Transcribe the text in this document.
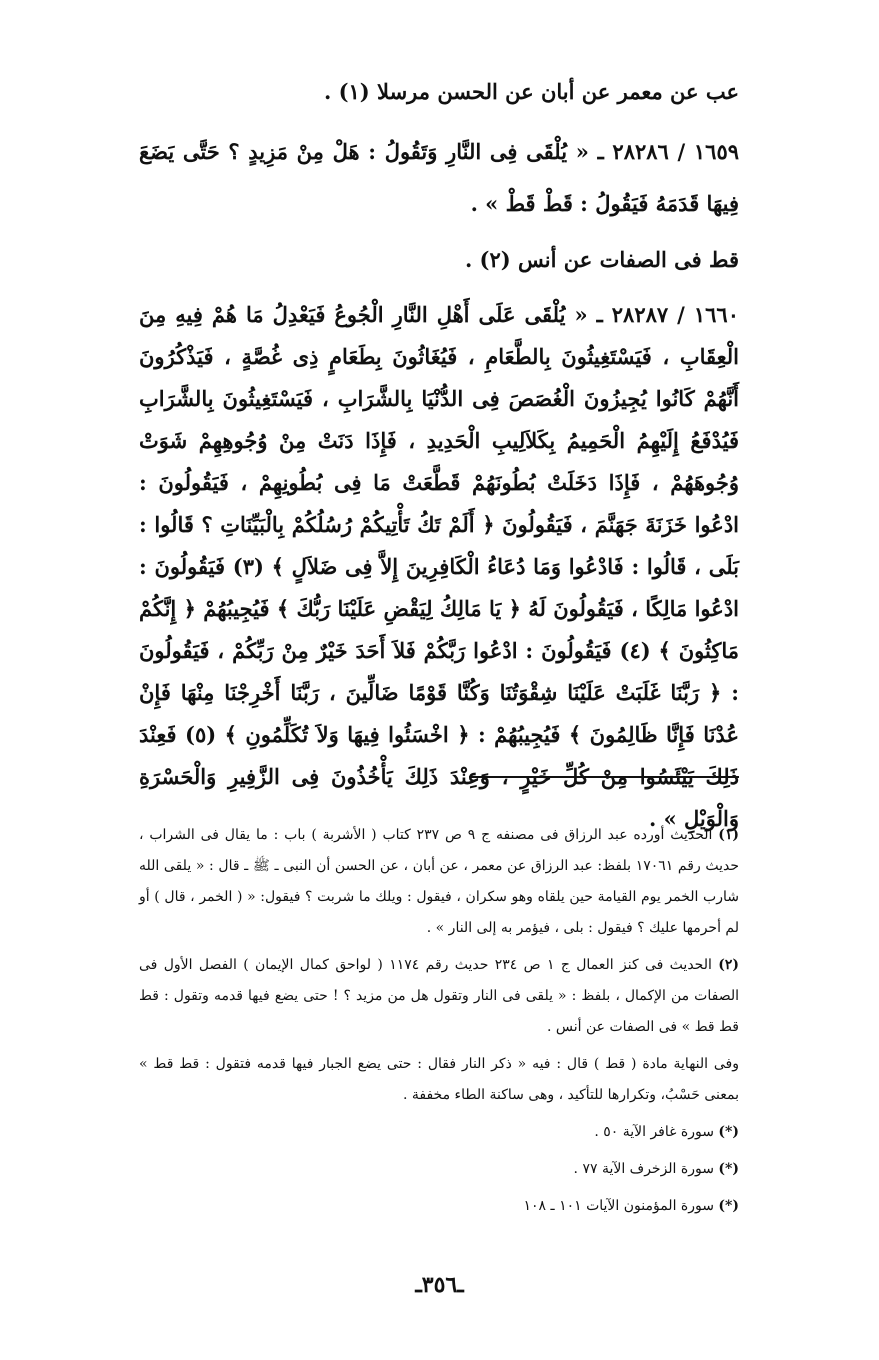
عب عن معمر عن أبان عن الحسن مرسلا (١) .

١٦٥٩ / ٢٨٢٨٦ ـ « يُلْقَى فِى النَّارِ وَتَقُولُ : هَلْ مِنْ مَزِيدٍ ؟ حَتَّى يَضَعَ فِيهَا قَدَمَهُ فَيَقُولُ : قَطْ قَطْ » .

قط فى الصفات عن أنس (٢) .

١٦٦٠ / ٢٨٢٨٧ ـ « يُلْقَى عَلَى أَهْلِ النَّارِ الْجُوعُ فَيَعْدِلُ مَا هُمْ فِيهِ مِنَ الْعِقَابِ ، فَيَسْتَغِيثُونَ بِالطَّعَامِ ، فَيُغَاثُونَ بِطَعَامٍ ذِى غُصَّةٍ ، فَيَذْكُرُونَ أَنَّهُمْ كَانُوا يُجِيزُونَ الْغُصَصَ فِى الدُّنْيَا بِالشَّرَابِ ، فَيَسْتَغِيثُونَ بِالشَّرَابِ فَيُدْفَعُ إِلَيْهِمُ الْحَمِيمُ بِكَلاَلِيبِ الْحَدِيدِ ، فَإِذَا دَنَتْ مِنْ وُجُوهِهِمْ شَوَتْ وُجُوهَهُمْ ، فَإِذَا دَخَلَتْ بُطُونَهُمْ قَطَّعَتْ مَا فِى بُطُونِهِمْ ، فَيَقُولُونَ : ادْعُوا خَزَنَةَ جَهَنَّمَ ، فَيَقُولُونَ ﴿ أَلَمْ تَكُ تَأْتِيكُمْ رُسُلُكُمْ بِالْبَيِّنَاتِ ؟ قَالُوا : بَلَى ، قَالُوا : فَادْعُوا وَمَا دُعَاءُ الْكَافِرِينَ إِلاَّ فِى ضَلاَلٍ ﴾ (٣) فَيَقُولُونَ : ادْعُوا مَالِكًا ، فَيَقُولُونَ لَهُ ﴿ يَا مَالِكُ لِيَقْضِ عَلَيْنَا رَبُّكَ ﴾ فَيُجِيبُهُمْ ﴿ إِنَّكُمْ مَاكِثُونَ ﴾ (٤) فَيَقُولُونَ : ادْعُوا رَبَّكُمْ فَلاَ أَحَدَ خَيْرٌ مِنْ رَبِّكُمْ ، فَيَقُولُونَ : ﴿ رَبَّنَا غَلَبَتْ عَلَيْنَا شِقْوَتُنَا وَكُنَّا قَوْمًا ضَالِّينَ ، رَبَّنَا أَخْرِجْنَا مِنْهَا فَإِنْ عُدْنَا فَإِنَّا ظَالِمُونَ ﴾ فَيُجِيبُهُمْ : ﴿ اخْسَئُوا فِيهَا وَلاَ تُكَلِّمُونِ ﴾ (٥) فَعِنْدَ ذَلِكَ يَيْئَسُوا مِنْ كُلِّ خَيْرٍ ، وَعِنْدَ ذَلِكَ يَأْخُذُونَ فِى الزَّفِيرِ وَالْحَسْرَةِ وَالْوَيْلِ » .

(١) الحديث أورده عبد الرزاق فى مصنفه ج ٩ ص ٢٣٧ كتاب ( الأشربة ) باب : ما يقال فى الشراب ، حديث رقم ١٧٠٦١ بلفظ: عبد الرزاق عن معمر ، عن أبان ، عن الحسن أن النبى ـ ﷺ ـ قال : « يلقى الله شارب الخمر يوم القيامة حين يلقاه وهو سكران ، فيقول : ويلك ما شربت ؟ فيقول: « ( الخمر ، قال ) أو لم أحرمها عليك ؟ فيقول : بلى ، فيؤمر به إلى النار » .

(٢) الحديث فى كنز العمال ج ١ ص ٢٣٤ حديث رقم ١١٧٤ ( لواحق كمال الإيمان ) الفصل الأول فى الصفات من الإكمال ، بلفظ : « يلقى فى النار وتقول هل من مزيد ؟ ! حتى يضع فيها قدمه وتقول : قط قط قط » فى الصفات عن أنس .

وفى النهاية مادة ( قط ) قال : فيه « ذكر النار فقال : حتى يضع الجبار فيها قدمه فتقول : قط قط » بمعنى حَسْبُ، وتكرارها للتأكيد ، وهى ساكنة الطاء مخففة .

(*) سورة غافر الآية ٥٠ .

(*) سورة الزخرف الآية ٧٧ .

(*) سورة المؤمنون الآيات ١٠١ ـ ١٠٨

ـ٣٥٦ـ
